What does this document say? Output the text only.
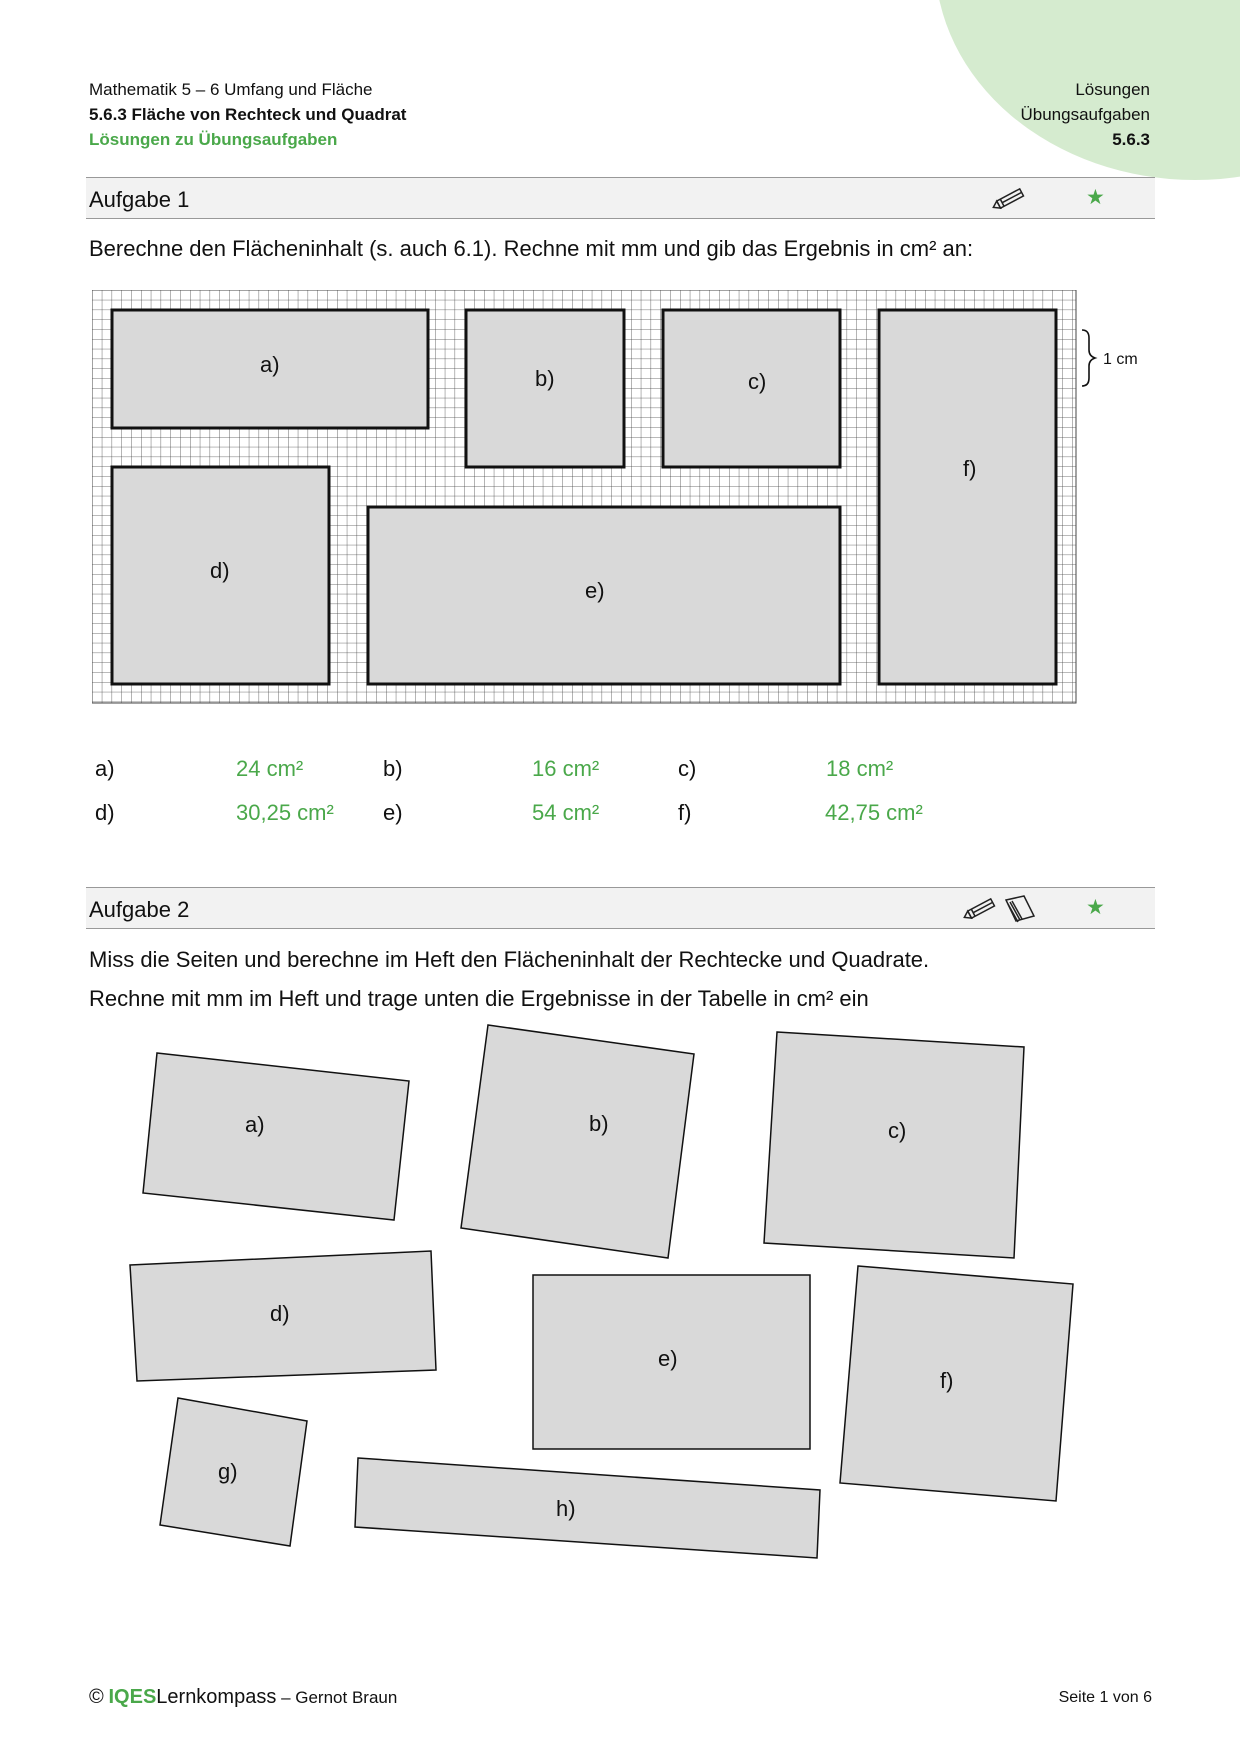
Mathematik 5 – 6 Umfang und Fläche
5.6.3 Fläche von Rechteck und Quadrat
Lösungen zu Übungsaufgaben
Lösungen
Übungsaufgaben
5.6.3
Aufgabe 1	★
Berechne den Flächeninhalt (s. auch 6.1). Rechne mit mm und gib das Ergebnis in cm² an:
a)
b)	c)
f)
d)
e)
1 cm
a)	24 cm²	b)	16 cm²	c)	18 cm²
d)	30,25 cm² e)	54 cm²	f)	42,75 cm²
Aufgabe 2	★
Miss die Seiten und berechne im Heft den Flächeninhalt der Rechtecke und Quadrate.
Rechne mit mm im Heft und trage unten die Ergebnisse in der Tabelle in cm² ein
a)	b)	c)
d)
e)
f)
g)
h)
© IQESLernkompass – Gernot Braun	Seite 1 von 6
